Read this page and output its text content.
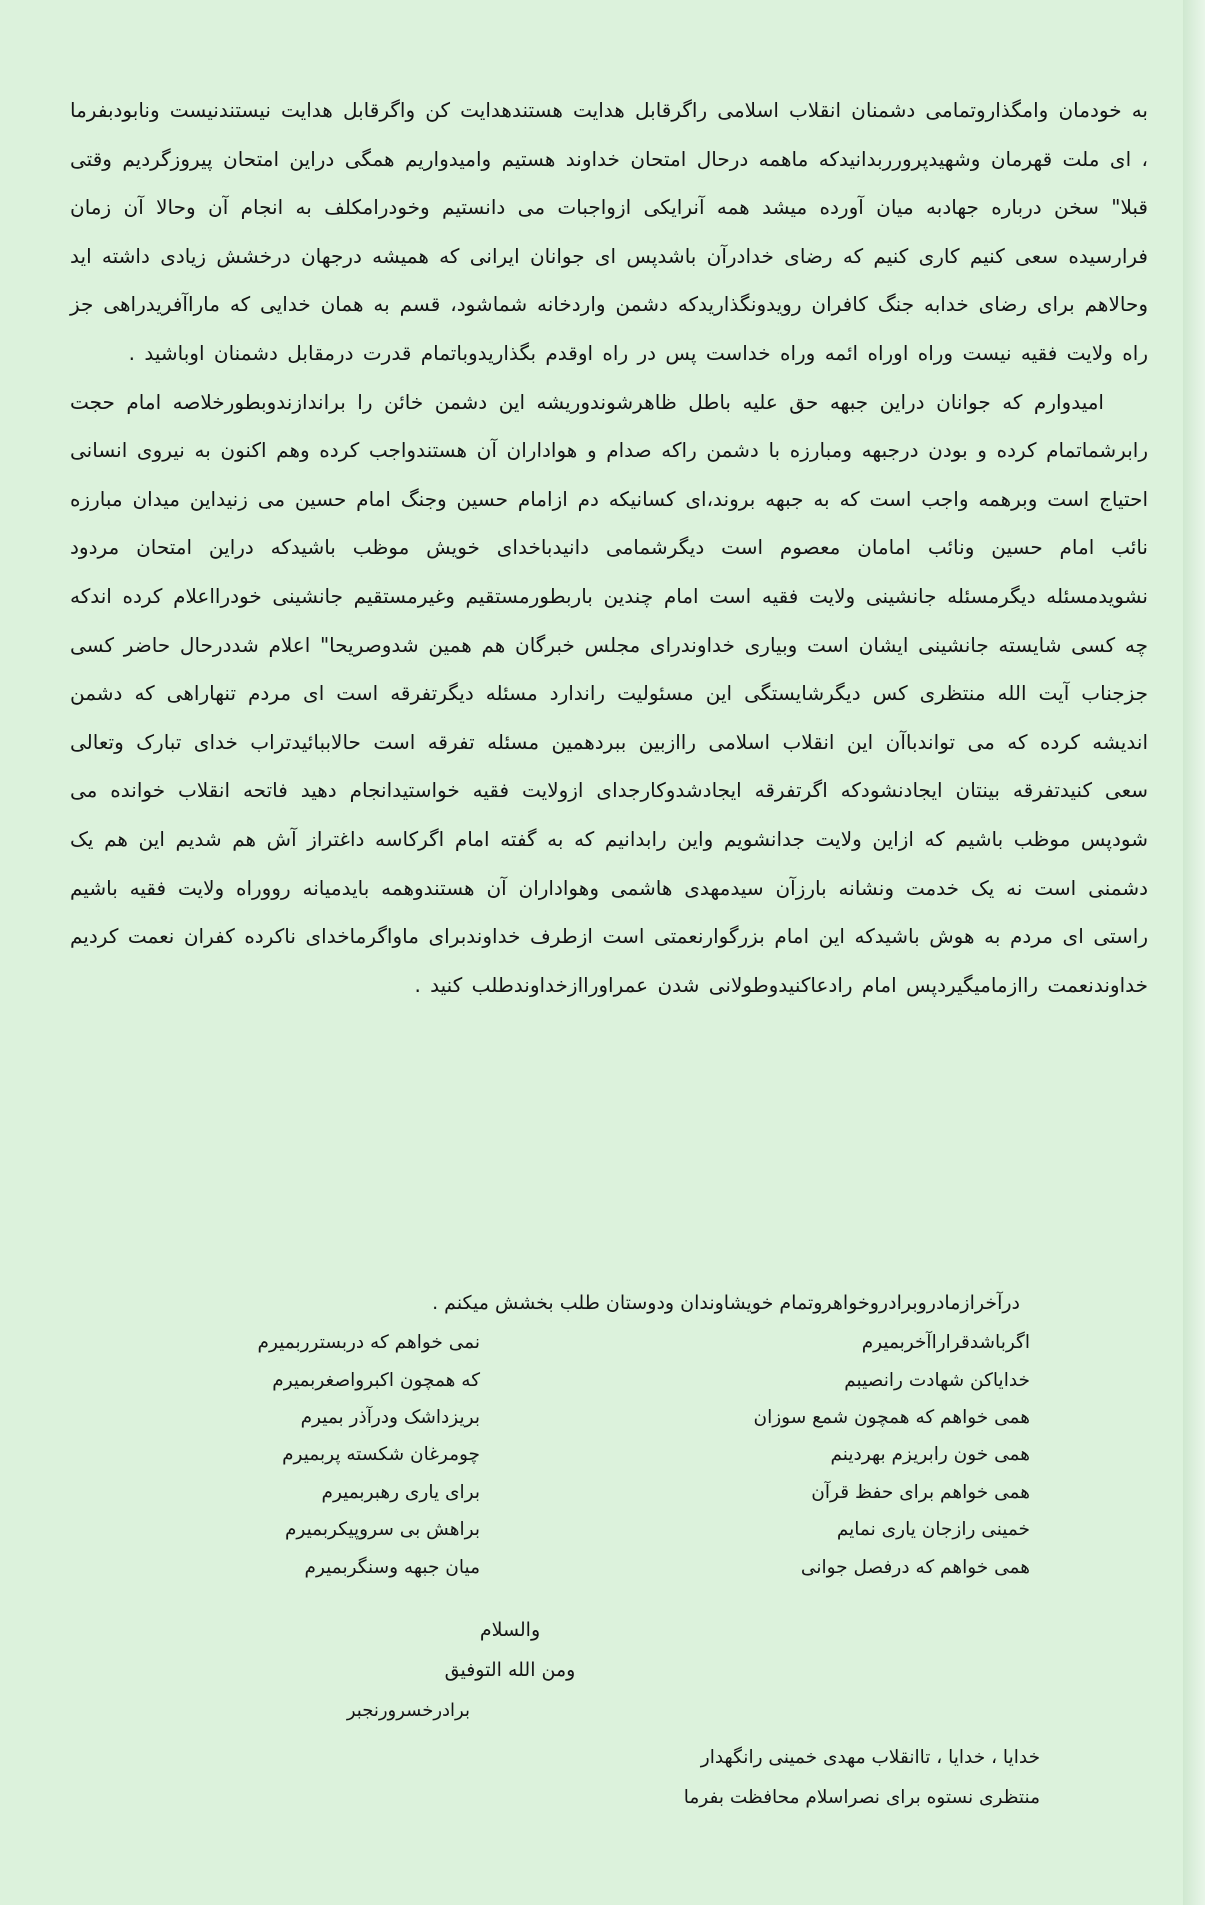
به خودمان وامگذاروتمامی دشمنان انقلاب اسلامی راگرقابل هدایت هستندهدایت کن واگرقابل هدایت نیستندنیست ونابودبفرما ، ای ملت قهرمان وشهیدپرورربدانیدکه ماهمه درحال امتحان خداوند هستیم وامیدواریم همگی دراین امتحان پیروزگردیم وقتی قبلا" سخن درباره جهادبه میان آورده میشد همه آنرایکی ازواجبات می دانستیم وخودرامکلف به انجام آن وحالا آن زمان فرارسیده سعی کنیم کاری کنیم که رضای خدادرآن باشدپس ای جوانان ایرانی که همیشه درجهان درخشش زیادی داشته اید وحالاهم برای رضای خدابه جنگ کافران رویدونگذاریدکه دشمن واردخانه شماشود، قسم به همان خدایی که ماراآفریدراهی جز راه ولایت فقیه نیست وراه اوراه ائمه وراه خداست پس در راه اوقدم بگذاریدوباتمام قدرت درمقابل دشمنان اوباشید .

امیدوارم که جوانان دراین جبهه حق علیه باطل ظاهرشوندوریشه این دشمن خائن را براندازندوبطورخلاصه امام حجت رابرشماتمام کرده و بودن درجبهه ومبارزه با دشمن راکه صدام و هواداران آن هستندواجب کرده وهم اکنون به نیروی انسانی احتیاج است وبرهمه واجب است که به جبهه بروند،ای کسانیکه دم ازامام حسین وجنگ امام حسین می زنیداین میدان مبارزه نائب امام حسین ونائب امامان معصوم است دیگرشمامی دانیدباخدای خویش موظب باشیدکه دراین امتحان مردود نشویدمسئله دیگرمسئله جانشینی ولایت فقیه است امام چندین باربطورمستقیم وغیرمستقیم جانشینی خودرااعلام کرده اندکه چه کسی شایسته جانشینی ایشان است وبیاری خداوندرای مجلس خبرگان هم همین شدوصریحا" اعلام شددرحال حاضر کسی جزجناب آیت الله منتظری کس دیگرشایستگی این مسئولیت راندارد مسئله دیگرتفرقه است ای مردم تنهاراهی که دشمن اندیشه کرده که می تواندباآن این انقلاب اسلامی راازبین ببردهمین مسئله تفرقه است حالاببائیدتراب خدای تبارک وتعالی سعی کنیدتفرقه بینتان ایجادنشودکه اگرتفرقه ایجادشدوکارجدای ازولایت فقیه خواستیدانجام دهید فاتحه انقلاب خوانده می شودپس موظب باشیم که ازاین ولایت جدانشویم واین رابدانیم که به گفته امام اگرکاسه داغتراز آش هم شدیم این هم یک دشمنی است نه یک خدمت ونشانه بارزآن سیدمهدی هاشمی وهواداران آن هستندوهمه بایدمیانه رووراه ولایت فقیه باشیم راستی ای مردم به هوش باشیدکه این امام بزرگوارنعمتی است ازطرف خداوندبرای ماواگرماخدای ناکرده کفران نعمت کردیم خداوندنعمت راازمامیگیردپس امام رادعاکنیدوطولانی شدن عمراوراازخداوندطلب کنید .

درآخرازمادروبرادروخواهروتمام خویشاوندان ودوستان طلب بخشش میکنم .

اگرباشدقراراآخربمیرم
نمی خواهم که دربسترربمیرم
خدایاکن شهادت رانصیبم
که همچون اکبرواصغربمیرم
همی خواهم که همچون شمع سوزان
بریزداشک ودرآذر بمیرم
همی خون رابریزم بهردینم
چومرغان شکسته پربمیرم
همی خواهم برای حفظ قرآن
برای یاری رهبربمیرم
خمینی رازجان یاری نمایم
براهش بی سروپیکربمیرم
همی خواهم که درفصل جوانی
میان جبهه وسنگربمیرم
والسلام
ومن الله التوفیق
برادرخسرورنجبر
خدایا ، خدایا ، تاانقلاب مهدی خمینی رانگهدار
منتظری نستوه برای نصراسلام محافظت بفرما
